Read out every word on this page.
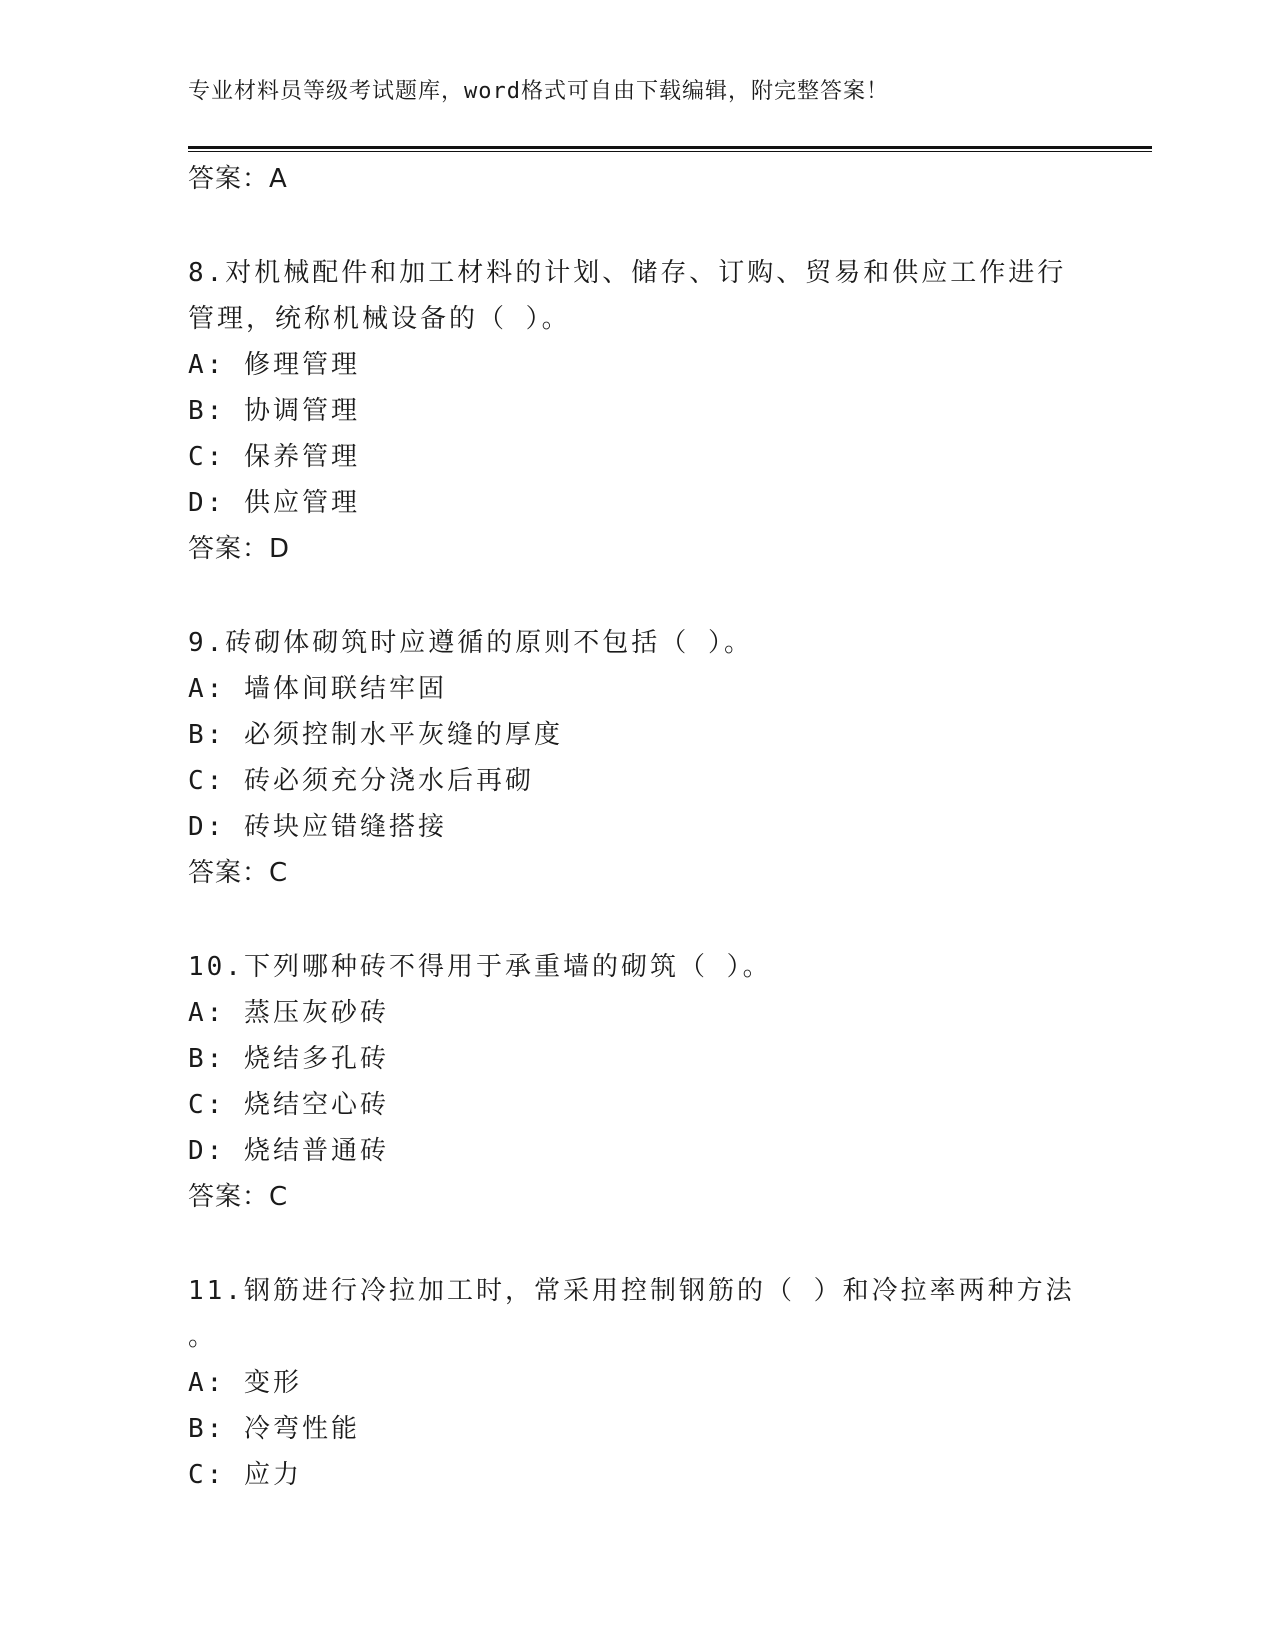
专业材料员等级考试题库，word格式可自由下载编辑，附完整答案！
答案：A
8.对机械配件和加工材料的计划、储存、订购、贸易和供应工作进行
管理，统称机械设备的（ ）。
A: 修理管理
B: 协调管理
C: 保养管理
D: 供应管理
答案：D
9.砖砌体砌筑时应遵循的原则不包括（ ）。
A: 墙体间联结牢固
B: 必须控制水平灰缝的厚度
C: 砖必须充分浇水后再砌
D: 砖块应错缝搭接
答案：C
10.下列哪种砖不得用于承重墙的砌筑（ ）。
A: 蒸压灰砂砖
B: 烧结多孔砖
C: 烧结空心砖
D: 烧结普通砖
答案：C
11.钢筋进行冷拉加工时，常采用控制钢筋的（ ）和冷拉率两种方法
。
A: 变形
B: 冷弯性能
C: 应力
